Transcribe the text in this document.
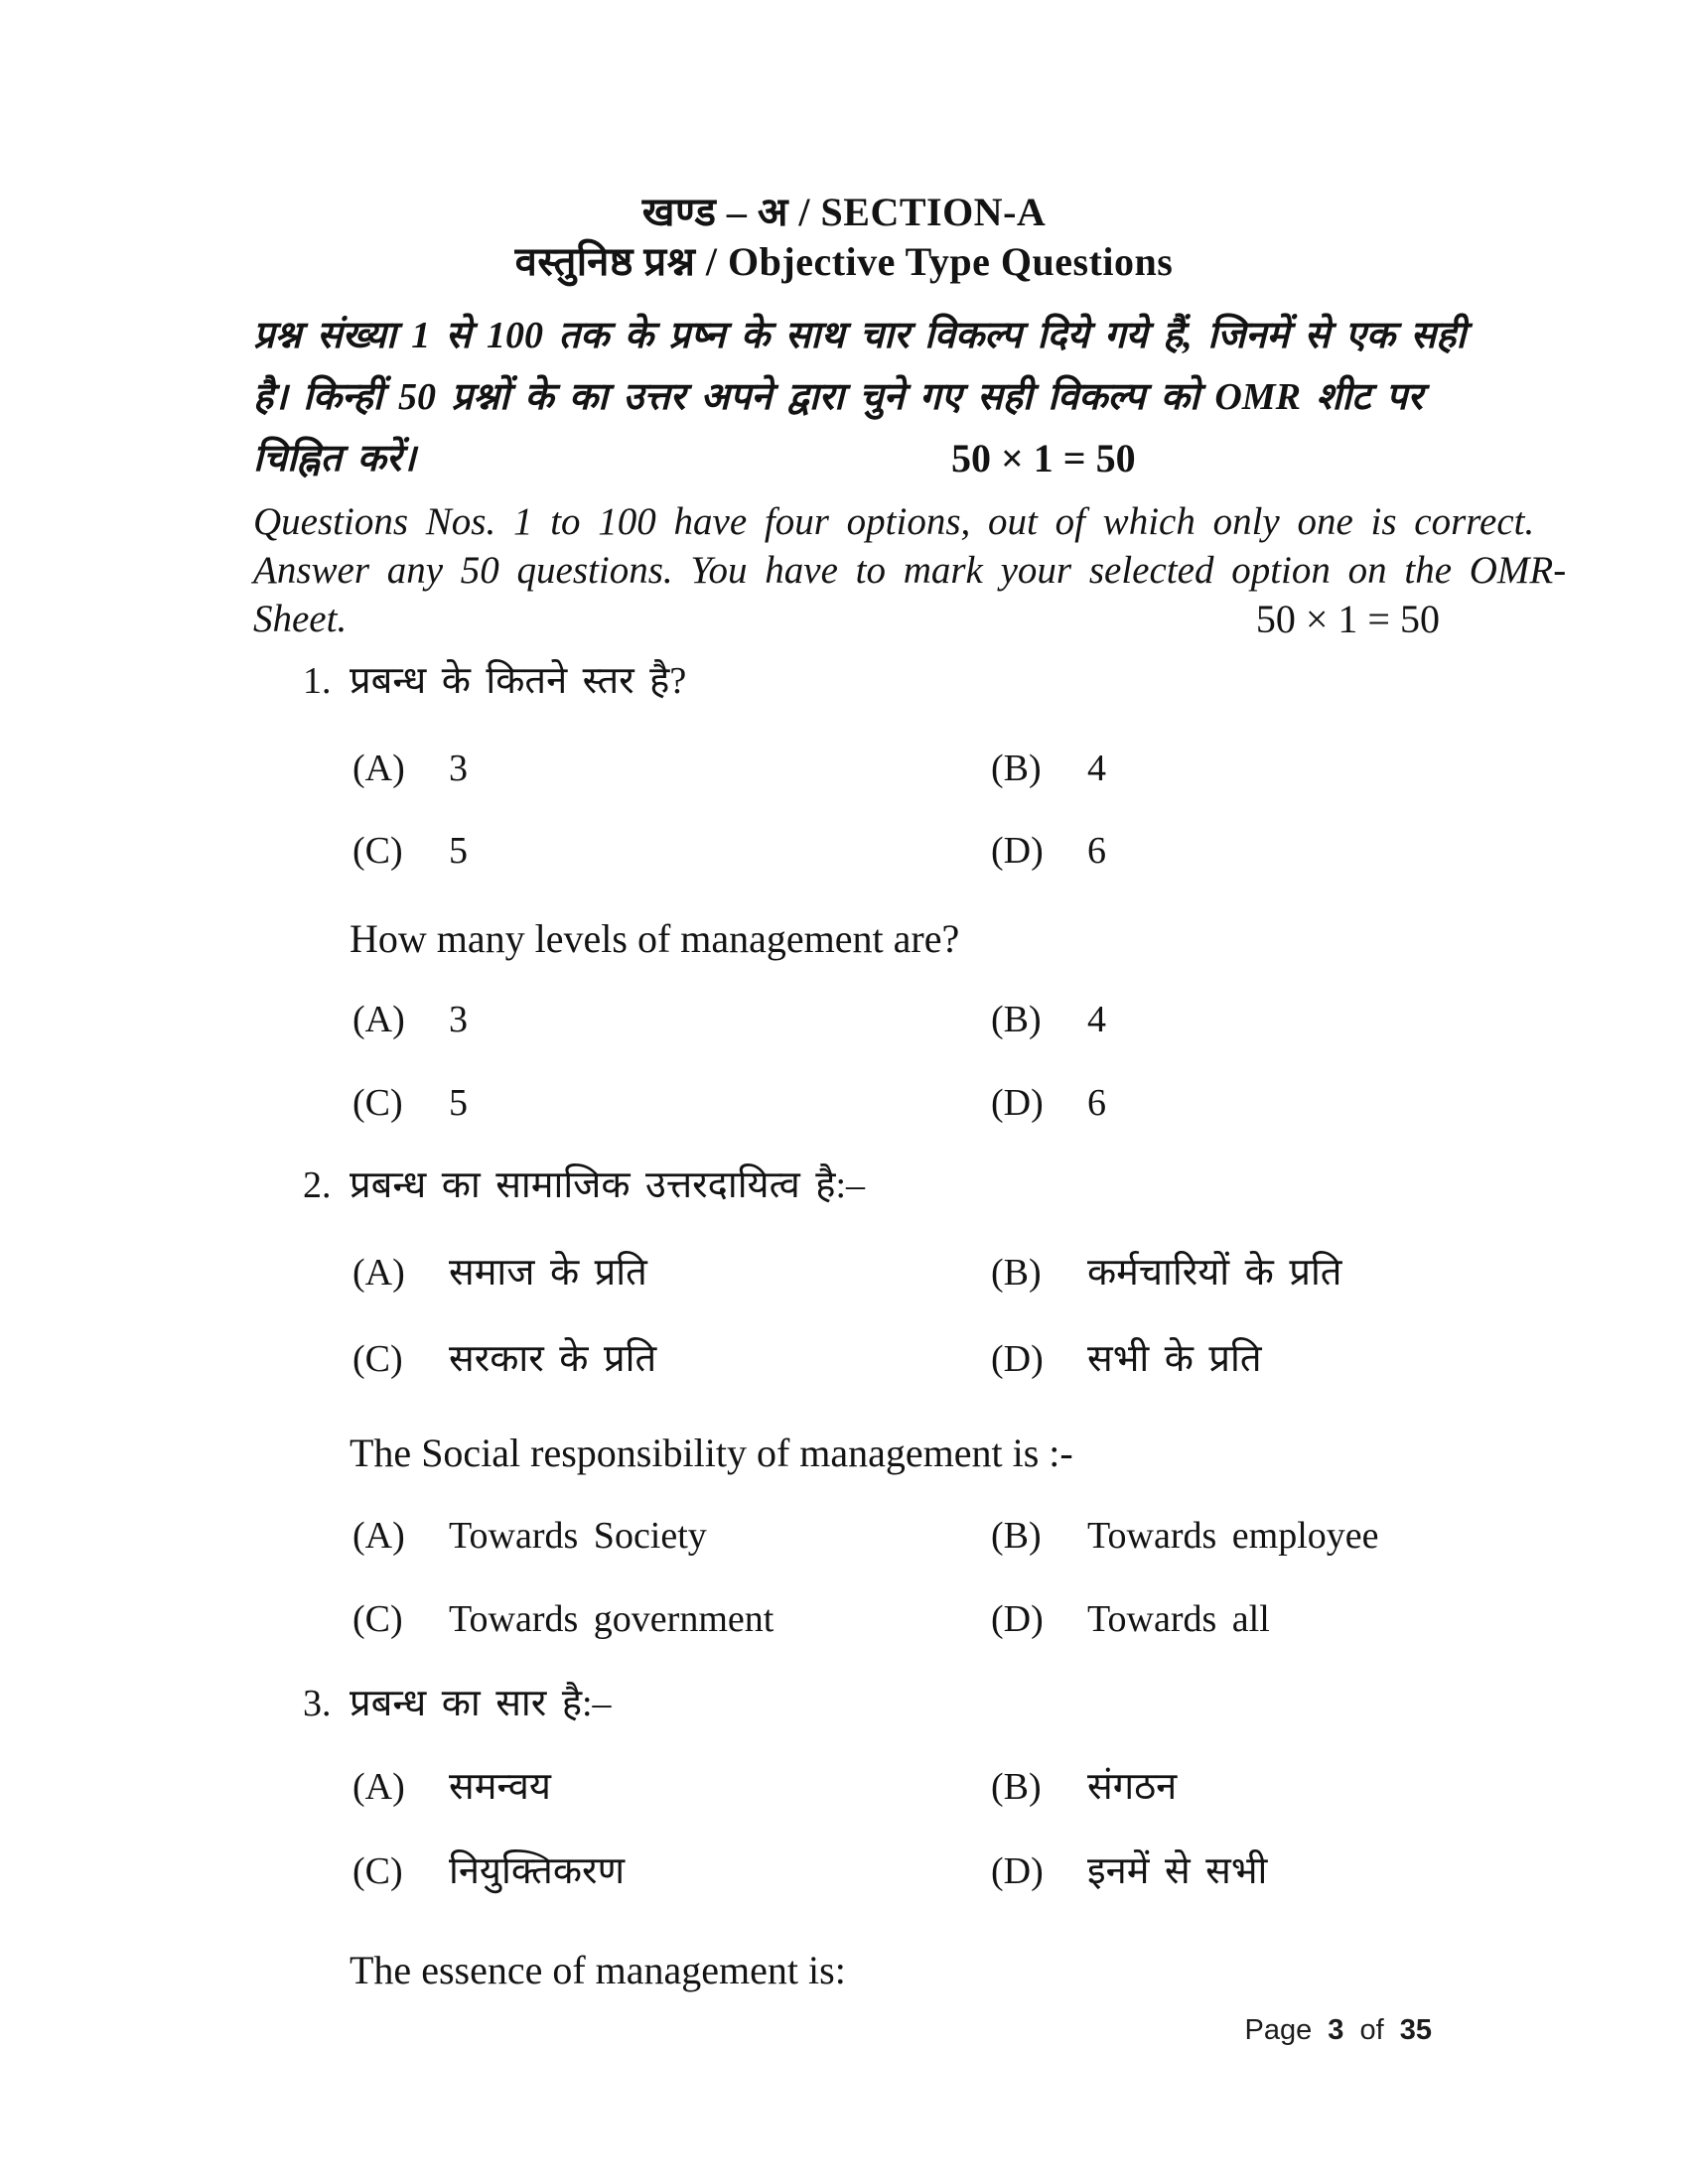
खण्ड – अ / SECTION-A
वस्तुनिष्ठ प्रश्न / Objective Type Questions
प्रश्न संख्या 1 से 100 तक के प्रष्न के साथ चार विकल्प दिये गये हैं, जिनमें से एक सही
है। किन्हीं 50 प्रश्नों के का उत्तर अपने द्वारा चुने गए सही विकल्प को OMR शीट पर
चिह्नित करें।	50 × 1 = 50
Questions Nos. 1 to 100 have four options, out of which only one is correct.
Answer any 50 questions. You have to mark your selected option on the OMR-
Sheet.	50 × 1 = 50
1. प्रबन्ध के कितने स्तर है?
(A) 3	(B) 4
(C) 5	(D) 6
How many levels of management are?
(A) 3	(B) 4
(C) 5	(D) 6
2. प्रबन्ध का सामाजिक उत्तरदायित्व है:–
(A) समाज के प्रति	(B) कर्मचारियों के प्रति
(C) सरकार के प्रति	(D) सभी के प्रति
The Social responsibility of management is :-
(A) Towards Society	(B) Towards employee
(C) Towards government	(D) Towards all
3. प्रबन्ध का सार है:–
(A) समन्वय	(B) संगठन
(C) नियुक्तिकरण	(D) इनमें से सभी
The essence of management is:
Page 3 of 35
